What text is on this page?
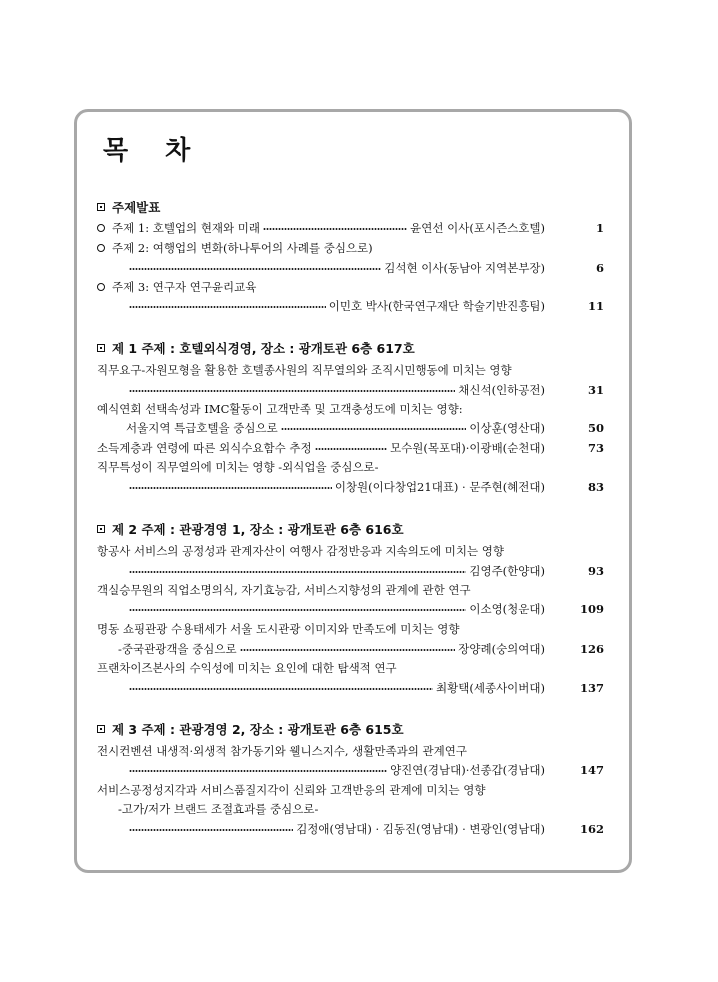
목 차
주제발표
주제 1:
호텔업의 현재와 미래	윤연선 이사(포시즌스호텔)	1
주제 2: 여행업의 변화(하나투어의 사례를 중심으로)
김석현 이사(동남아 지역본부장)	6
주제 3: 연구자 연구윤리교육
이민호 박사(한국연구재단 학술기반진흥팀)	11
제 1 주제 : 호텔외식경영, 장소 : 광개토관 6층 617호
직무요구-자원모형을 활용한 호텔종사원의 직무열의와 조직시민행동에 미치는 영향
채신석(인하공전)	31
예식연회 선택속성과 IMC활동이 고객만족 및 고객충성도에 미치는 영향:
서울지역 특급호텔을 중심으로	이상훈(영산대)	50
소득계층과 연령에 따른 외식수요함수 추정	모수원(목포대)·이광배(순천대)	73
직무특성이 직무열의에 미치는 영향 -외식업을 중심으로-
이창원(이다창업21대표) · 문주현(혜전대)	83
제 2 주제 : 관광경영 1, 장소 : 광개토관 6층 616호
항공사 서비스의 공정성과 관계자산이 여행사 감정반응과 지속의도에 미치는 영향
김영주(한양대)	93
객실승무원의 직업소명의식, 자기효능감, 서비스지향성의 관계에 관한 연구
이소영(청운대)	109
명동 쇼핑관광 수용태세가 서울 도시관광 이미지와 만족도에 미치는 영향
-중국관광객을 중심으로	장양례(숭의여대)	126
프랜차이즈본사의 수익성에 미치는 요인에 대한 탐색적 연구
최황택(세종사이버대)	137
제 3 주제 : 관광경영 2, 장소 : 광개토관 6층 615호
전시컨벤션 내생적·외생적 참가동기와 웰니스지수, 생활만족과의 관계연구
양진연(경남대)·선종갑(경남대)	147
서비스공정성지각과 서비스품질지각이 신뢰와 고객반응의 관계에 미치는 영향
-고가/저가 브랜드 조절효과를 중심으로-
김정애(영남대) · 김동진(영남대) · 변광인(영남대)	162
